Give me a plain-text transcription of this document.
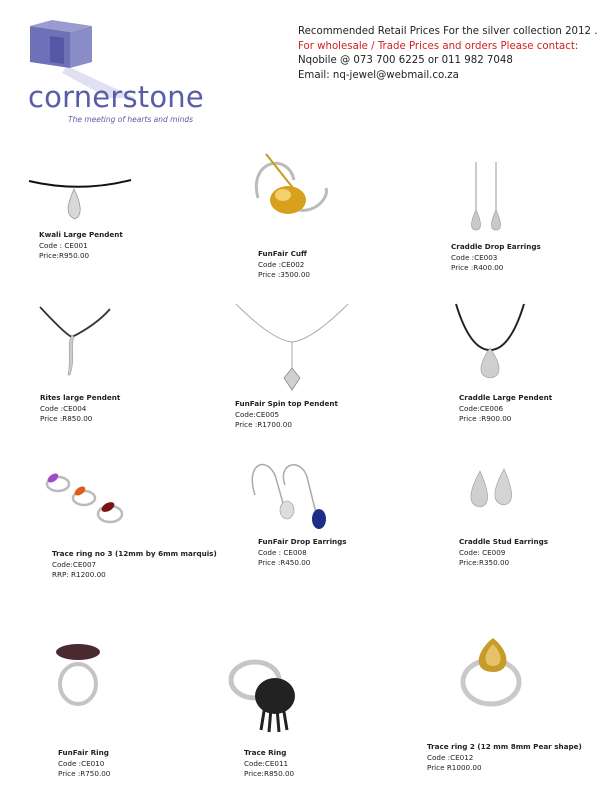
cornerstone
The meeting of hearts and minds
Recommended Retail Prices For the silver collection 2012 .
For wholesale / Trade Prices and orders Please contact:
Nqobile @ 073 700 6225 or 011 982 7048
Email: nq-jewel@webmail.co.za
Kwali Large Pendent
Code : CE001
Price:R950.00	FunFair Cuff
Code :CE002
Price :3500.00
Craddle Drop Earrings
Code :CE003
Price :R400.00
Rites large Pendent
Code :CE004
Price :R850.00
FunFair Spin top Pendent
Code:CE005
Price :R1700.00
Craddle Large Pendent
Code:CE006
Price :R900.00
Trace ring no 3 (12mm by 6mm marquis)
Code:CE007
RRP: R1200.00
FunFair Drop Earrings
Code : CE008
Price :R450.00
Craddle Stud Earrings
Code: CE009
Price:R350.00
FunFair Ring
Code :CE010
Price :R750.00
Trace Ring
Code:CE011
Price:R850.00
Trace ring 2 (12 mm 8mm Pear shape)
Code :CE012
Price R1000.00
